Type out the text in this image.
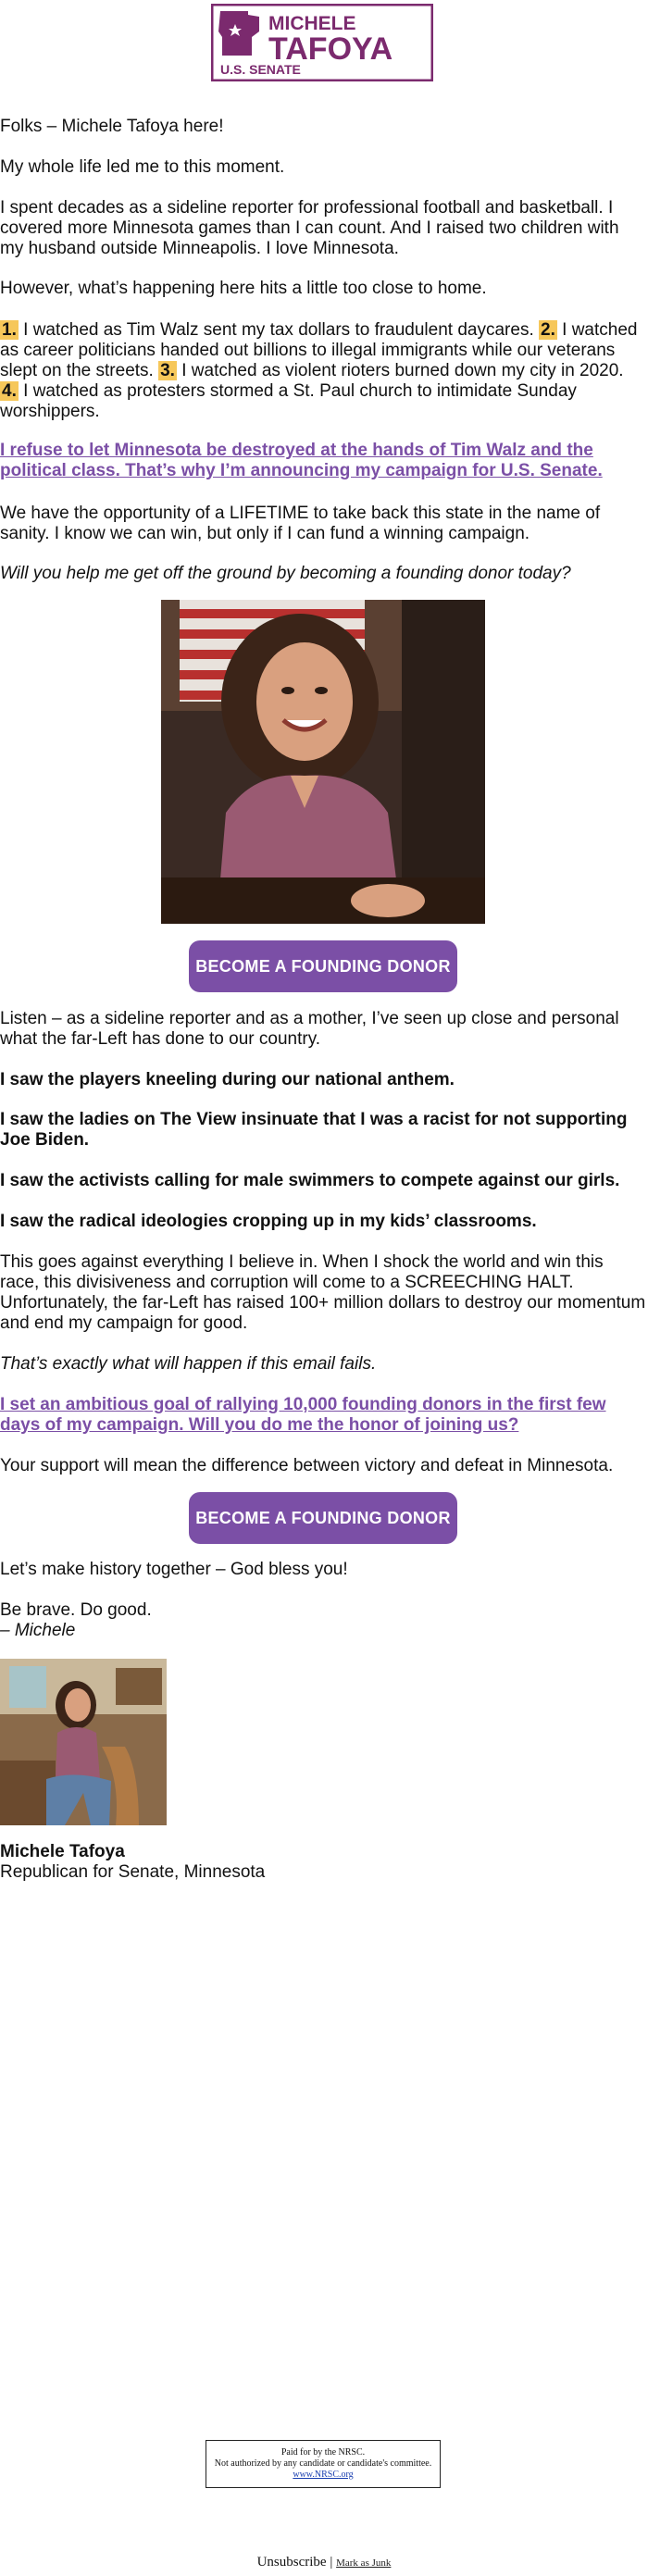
MICHELE
TAFOYA
U.S. SENATE

Folks – Michele Tafoya here!

My whole life led me to this moment.

I spent decades as a sideline reporter for professional football and basketball. I covered more Minnesota games than I can count. And I raised two children with my husband outside Minneapolis. I love Minnesota.

However, what’s happening here hits a little too close to home.

1. I watched as Tim Walz sent my tax dollars to fraudulent daycares. 2. I watched as career politicians handed out billions to illegal immigrants while our veterans slept on the streets. 3. I watched as violent rioters burned down my city in 2020. 4. I watched as protesters stormed a St. Paul church to intimidate Sunday worshippers.

I refuse to let Minnesota be destroyed at the hands of Tim Walz and the political class. That’s why I’m announcing my campaign for U.S. Senate.

We have the opportunity of a LIFETIME to take back this state in the name of sanity. I know we can win, but only if I can fund a winning campaign.

Will you help me get off the ground by becoming a founding donor today?

BECOME A FOUNDING DONOR

Listen – as a sideline reporter and as a mother, I’ve seen up close and personal what the far-Left has done to our country.

I saw the players kneeling during our national anthem.

I saw the ladies on The View insinuate that I was a racist for not supporting Joe Biden.

I saw the activists calling for male swimmers to compete against our girls.

I saw the radical ideologies cropping up in my kids’ classrooms.

This goes against everything I believe in. When I shock the world and win this race, this divisiveness and corruption will come to a SCREECHING HALT. Unfortunately, the far-Left has raised 100+ million dollars to destroy our momentum and end my campaign for good.

That’s exactly what will happen if this email fails.

I set an ambitious goal of rallying 10,000 founding donors in the first few days of my campaign. Will you do me the honor of joining us?

Your support will mean the difference between victory and defeat in Minnesota.

BECOME A FOUNDING DONOR

Let’s make history together – God bless you!

Be brave. Do good.

– Michele

Michele Tafoya

Republican for Senate, Minnesota

Paid for by the NRSC.
Not authorized by any candidate or candidate's committee.
www.NRSC.org
Unsubscribe | Mark as Junk
